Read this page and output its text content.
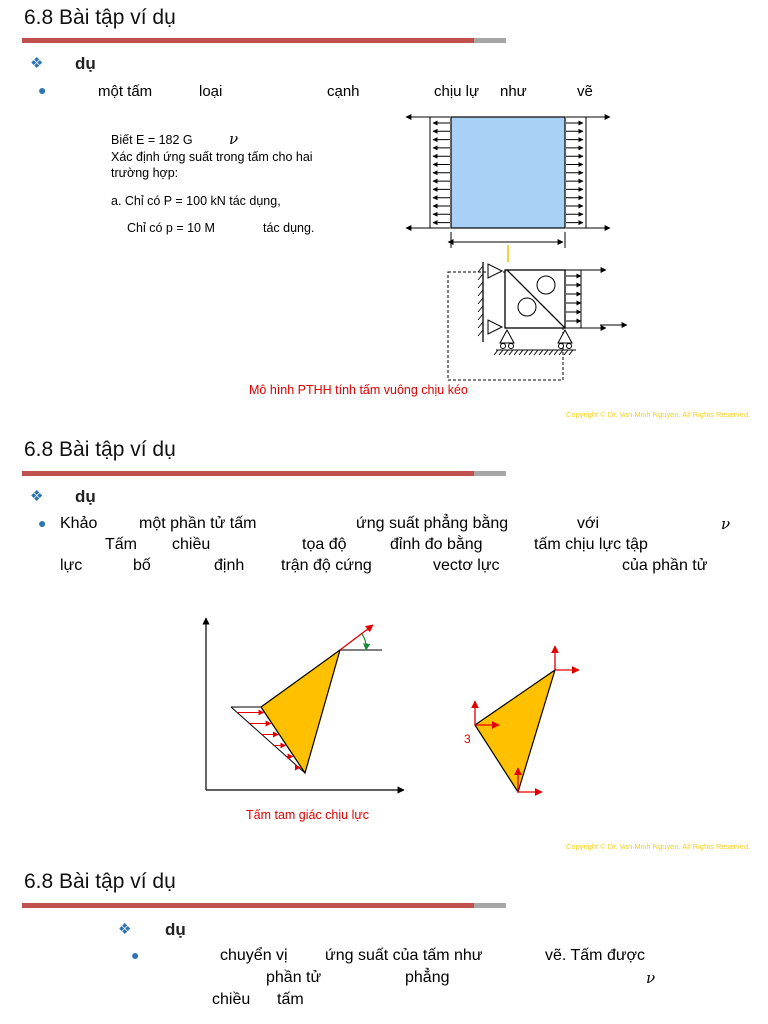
6.8 Bài tập ví dụ
❖ dụ
●	một tấm	loại	cạnh	chịu lự như	vẽ
Biết E = 182 G ν
Xác định ứng suất trong tấm cho hai
trường hợp:
a. Chỉ có P = 100 kN tác dụng,
Chỉ có p = 10 M	tác dụng.
Mô hình PTHH tính tấm vuông chịu kéo
Copyright © Dr. Van Minh Nguyen. All Rights Reserved.
6.8 Bài tập ví dụ
❖ dụ
● Khảo	một phần tử tấm	ứng suất phẳng bằng	với	ν
Tấm chiều	tọa độ	đỉnh đo bằng	tấm chịu lực tập
lực	bố	định trận độ cứng	vectơ lực	của phần tử
3
Tấm tam giác chịu lực
Copyright © Dr. Van Minh Nguyen. All Rights Reserved.
6.8 Bài tập ví dụ
❖ dụ
●	chuyển vị ứng suất của tấm như	vẽ. Tấm được
phần tử	phẳng	ν
chiều tấm
